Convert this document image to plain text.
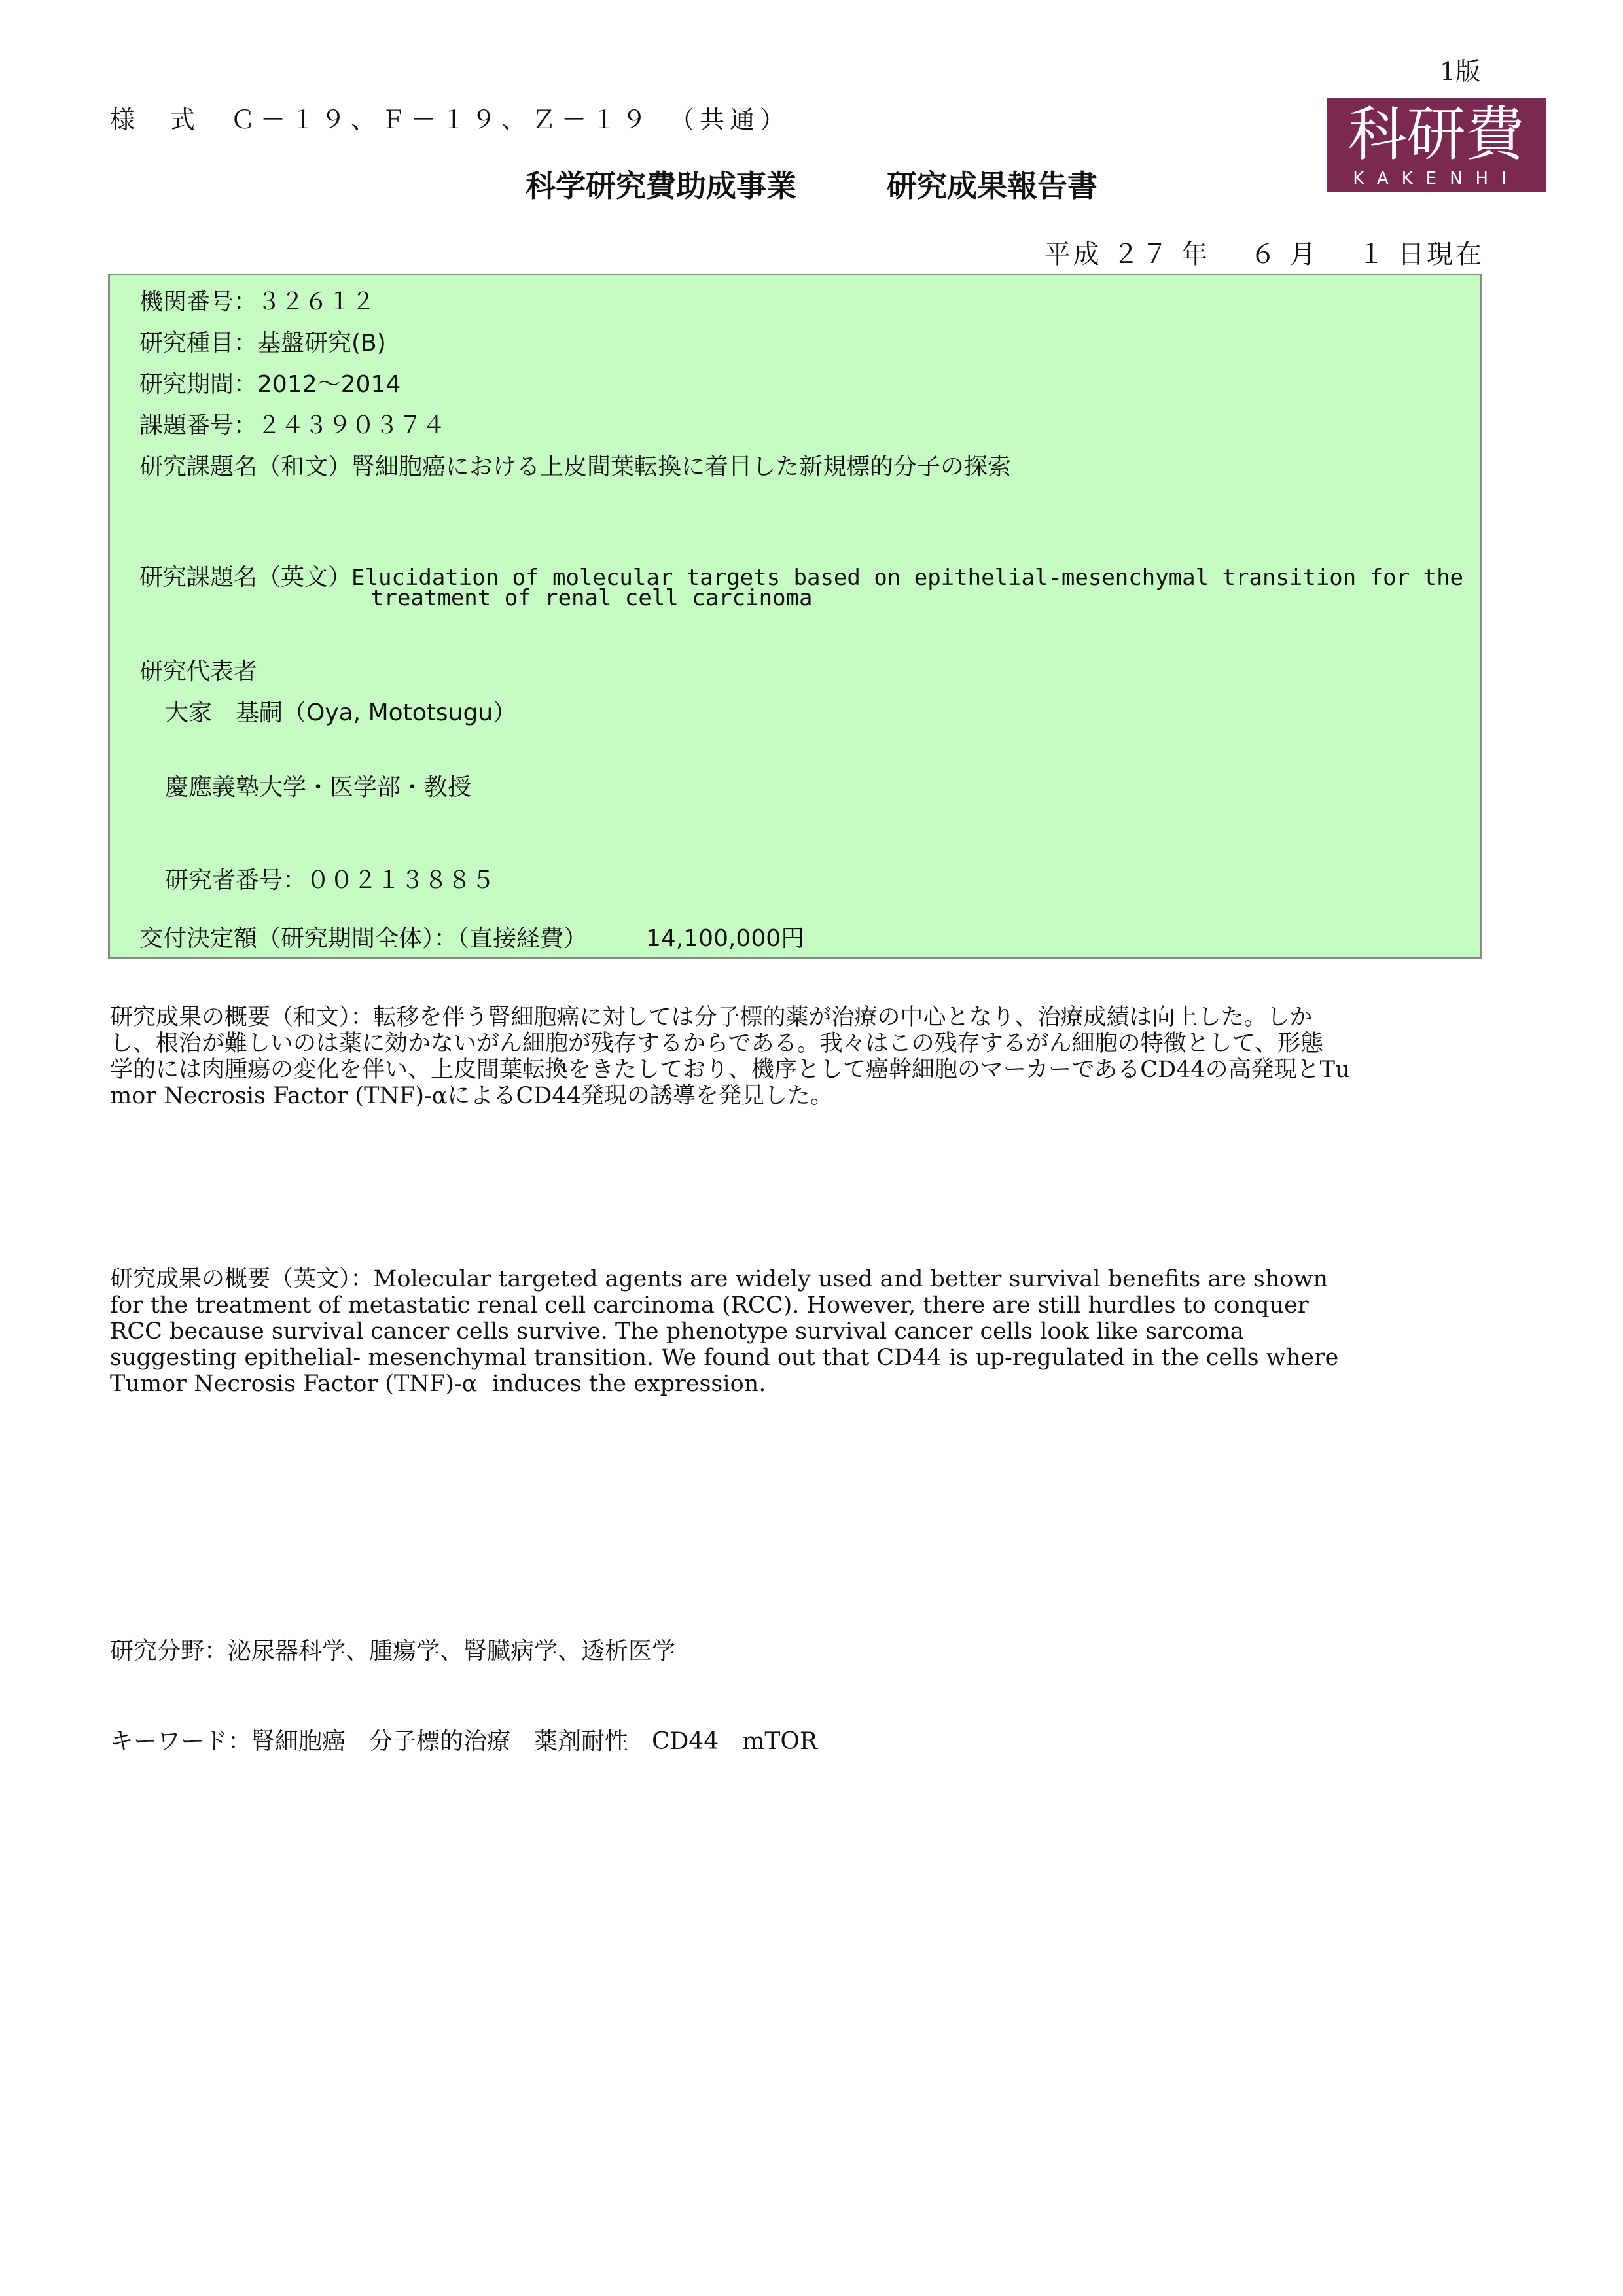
1版
様　式　Ｃ－１９、Ｆ－１９、Ｚ－１９　（共通）
科学研究費助成事業　　　研究成果報告書
科研費
KAKENHI
平成 ２７ 年　 ６ 月　 １ 日現在
機関番号：３２６１２
研究種目：基盤研究(B)
研究期間：2012～2014
課題番号：２４３９０３７４
研究課題名（和文）腎細胞癌における上皮間葉転換に着目した新規標的分子の探索
研究課題名（英文）Elucidation of molecular targets based on epithelial-mesenchymal transition for the
treatment of renal cell carcinoma
研究代表者
大家　基嗣（Oya, Mototsugu）
慶應義塾大学・医学部・教授
研究者番号：００２１３８８５
交付決定額（研究期間全体）：（直接経費）	14,100,000円
研究成果の概要（和文）：転移を伴う腎細胞癌に対しては分子標的薬が治療の中心となり、治療成績は向上した。しか
し、根治が難しいのは薬に効かないがん細胞が残存するからである。我々はこの残存するがん細胞の特徴として、形態
学的には肉腫瘍の変化を伴い、上皮間葉転換をきたしており、機序として癌幹細胞のマーカーであるCD44の高発現とTu
mor Necrosis Factor (TNF)-αによるCD44発現の誘導を発見した。
研究成果の概要（英文）：Molecular targeted agents are widely used and better survival benefits are shown
for the treatment of metastatic renal cell carcinoma (RCC). However, there are still hurdles to conquer
RCC because survival cancer cells survive. The phenotype survival cancer cells look like sarcoma
suggesting epithelial- mesenchymal transition. We found out that CD44 is up-regulated in the cells where
Tumor Necrosis Factor (TNF)-α  induces the expression.
研究分野：泌尿器科学、腫瘍学、腎臓病学、透析医学
キーワード：腎細胞癌　分子標的治療　薬剤耐性　CD44　mTOR
